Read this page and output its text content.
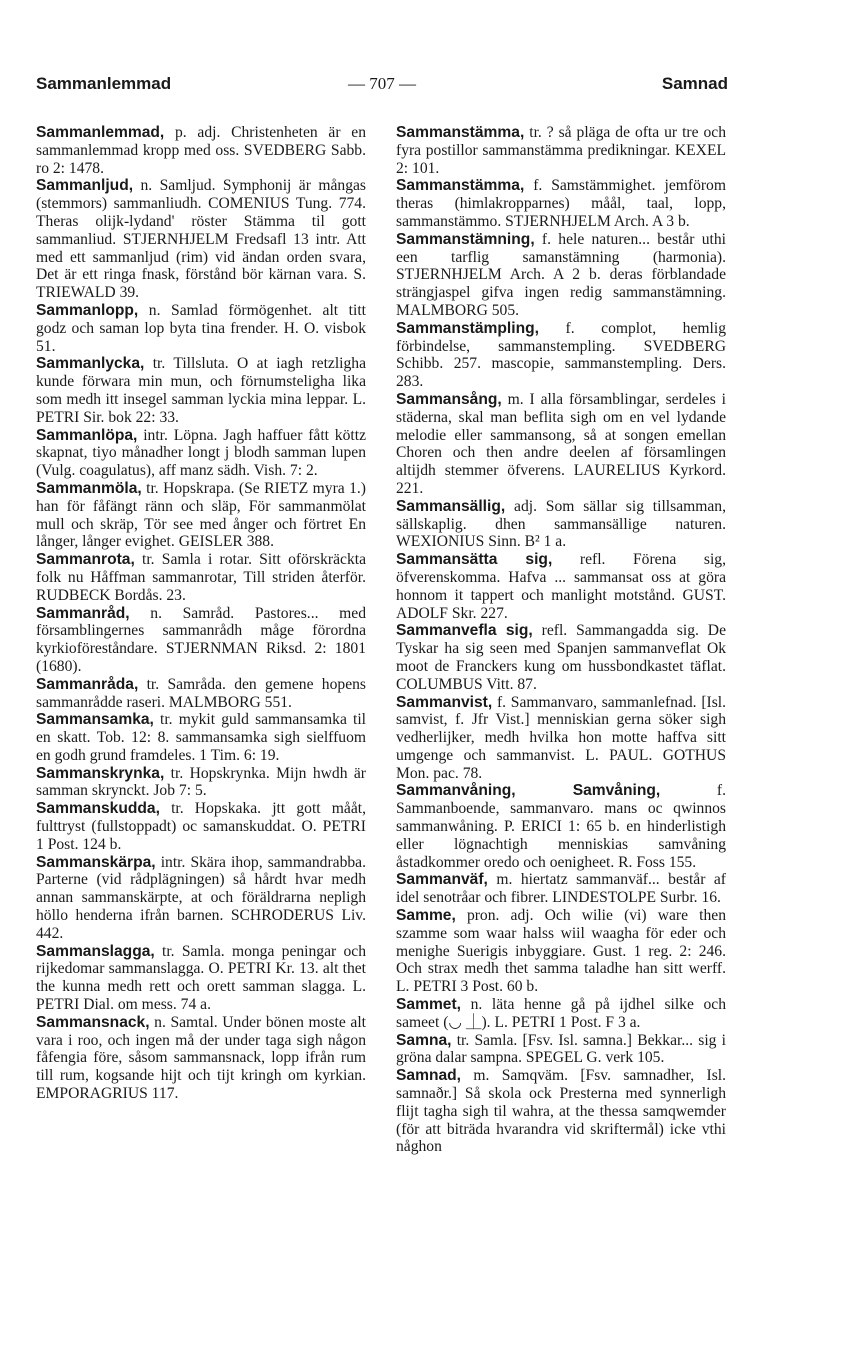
Sammanlemmad	— 707 —	Samnad

Sammanlemmad, p. adj. Christenheten är en sammanlemmad kropp med oss. SVEDBERG Sabb. ro 2: 1478.

Sammanljud, n. Samljud. Symphonij är mångas (stemmors) sammanliudh. COMENIUS Tung. 774. Theras olijk-lydand' röster Stämma til gott sammanliud. STJERNHJELM Fredsafl 13 intr. Att med ett sammanljud (rim) vid ändan orden svara, Det är ett ringa fnask, förstånd bör kärnan vara. S. TRIEWALD 39.

Sammanlopp, n. Samlad förmögenhet. alt titt godz och saman lop byta tina frender. H. O. visbok 51.

Sammanlycka, tr. Tillsluta. O at iagh retzligha kunde förwara min mun, och förnumsteligha lika som medh itt insegel samman lyckia mina leppar. L. PETRI Sir. bok 22: 33.

Sammanlöpa, intr. Löpna. Jagh haffuer fått köttz skapnat, tiyo månadher longt j blodh samman lupen (Vulg. coagulatus), aff manz sädh. Vish. 7: 2.

Sammanmöla, tr. Hopskrapa. (Se RIETZ myra 1.) han för fåfängt ränn och släp, För sammanmölat mull och skräp, Tör see med ånger och förtret En långer, långer evighet. GEISLER 388.

Sammanrota, tr. Samla i rotar. Sitt oförskräckta folk nu Håffman sammanrotar, Till striden återför. RUDBECK Bordås. 23.

Sammanråd, n. Samråd. Pastores... med församblingernes sammanrådh måge förordna kyrkioföreståndare. STJERNMAN Riksd. 2: 1801 (1680).

Sammanråda, tr. Samråda. den gemene hopens sammanrådde raseri. MALMBORG 551.

Sammansamka, tr. mykit guld sammansamka til en skatt. Tob. 12: 8. sammansamka sigh sielffuom en godh grund framdeles. 1 Tim. 6: 19.

Sammanskrynka, tr. Hopskrynka. Mijn hwdh är samman skrynckt. Job 7: 5.

Sammanskudda, tr. Hopskaka. jtt gott mååt, fulttryst (fullstoppadt) oc samanskuddat. O. PETRI 1 Post. 124 b.

Sammanskärpa, intr. Skära ihop, sammandrabba. Parterne (vid rådplägningen) så hårdt hvar medh annan sammanskärpte, at och föräldrarna nepligh höllo henderna ifrån barnen. SCHRODERUS Liv. 442.

Sammanslagga, tr. Samla. monga peningar och rijkedomar sammanslagga. O. PETRI Kr. 13. alt thet the kunna medh rett och orett samman slagga. L. PETRI Dial. om mess. 74 a.

Sammansnack, n. Samtal. Under bönen moste alt vara i roo, och ingen må der under taga sigh någon fåfengia före, såsom sammansnack, lopp ifrån rum till rum, kogsande hijt och tijt kringh om kyrkian. EMPORAGRIUS 117.

Sammanstämma, tr. ? så pläga de ofta ur tre och fyra postillor sammanstämma predikningar. KEXEL 2: 101.

Sammanstämma, f. Samstämmighet. jemförom theras (himlakropparnes) måål, taal, lopp, sammanstämmo. STJERNHJELM Arch. A 3 b.

Sammanstämning, f. hele naturen... består uthi een tarflig samanstämning (harmonia). STJERNHJELM Arch. A 2 b. deras förblandade strängjaspel gifva ingen redig sammanstämning. MALMBORG 505.

Sammanstämpling, f. complot, hemlig förbindelse, sammanstempling. SVEDBERG Schibb. 257. mascopie, sammanstempling. Ders. 283.

Sammansång, m. I alla församblingar, serdeles i städerna, skal man beflita sigh om en vel lydande melodie eller sammansong, så at songen emellan Choren och then andre deelen af församlingen altijdh stemmer öfverens. LAURELIUS Kyrkord. 221.

Sammansällig, adj. Som sällar sig tillsamman, sällskaplig. dhen sammansällige naturen. WEXIONIUS Sinn. B² 1 a.

Sammansätta sig, refl. Förena sig, öfverenskomma. Hafva ... sammansat oss at göra honnom it tappert och manlight motstånd. GUST. ADOLF Skr. 227.

Sammanvefla sig, refl. Sammangadda sig. De Tyskar ha sig seen med Spanjen sammanveflat Ok moot de Franckers kung om hussbondkastet täflat. COLUMBUS Vitt. 87.

Sammanvist, f. Sammanvaro, sammanlefnad. [Isl. samvist, f. Jfr Vist.] menniskian gerna söker sigh vedherlijker, medh hvilka hon motte haffva sitt umgenge och sammanvist. L. PAUL. GOTHUS Mon. pac. 78.

Sammanvåning, Samvåning, f. Sammanboende, sammanvaro. mans oc qwinnos sammanwåning. P. ERICI 1: 65 b. en hinderlistigh eller lögnachtigh menniskias samvåning åstadkommer oredo och oenigheet. R. Foss 155.

Sammanväf, m. hiertatz sammanväf... består af idel senotråar och fibrer. LINDESTOLPE Surbr. 16.

Samme, pron. adj. Och wilie (vi) ware then szamme som waar halss wiil waagha för eder och menighe Suerigis inbyggiare. Gust. 1 reg. 2: 246. Och strax medh thet samma taladhe han sitt werff. L. PETRI 3 Post. 60 b.

Sammet, n. läta henne gå på ijdhel silke och sameet (◡ ⏊). L. PETRI 1 Post. F 3 a.

Samna, tr. Samla. [Fsv. Isl. samna.] Bekkar... sig i gröna dalar sampna. SPEGEL G. verk 105.

Samnad, m. Samqväm. [Fsv. samnadher, Isl. samnaðr.] Så skola ock Presterna med synnerligh flijt tagha sigh til wahra, at the thessa samqwemder (för att biträda hvarandra vid skriftermål) icke vthi någhon
